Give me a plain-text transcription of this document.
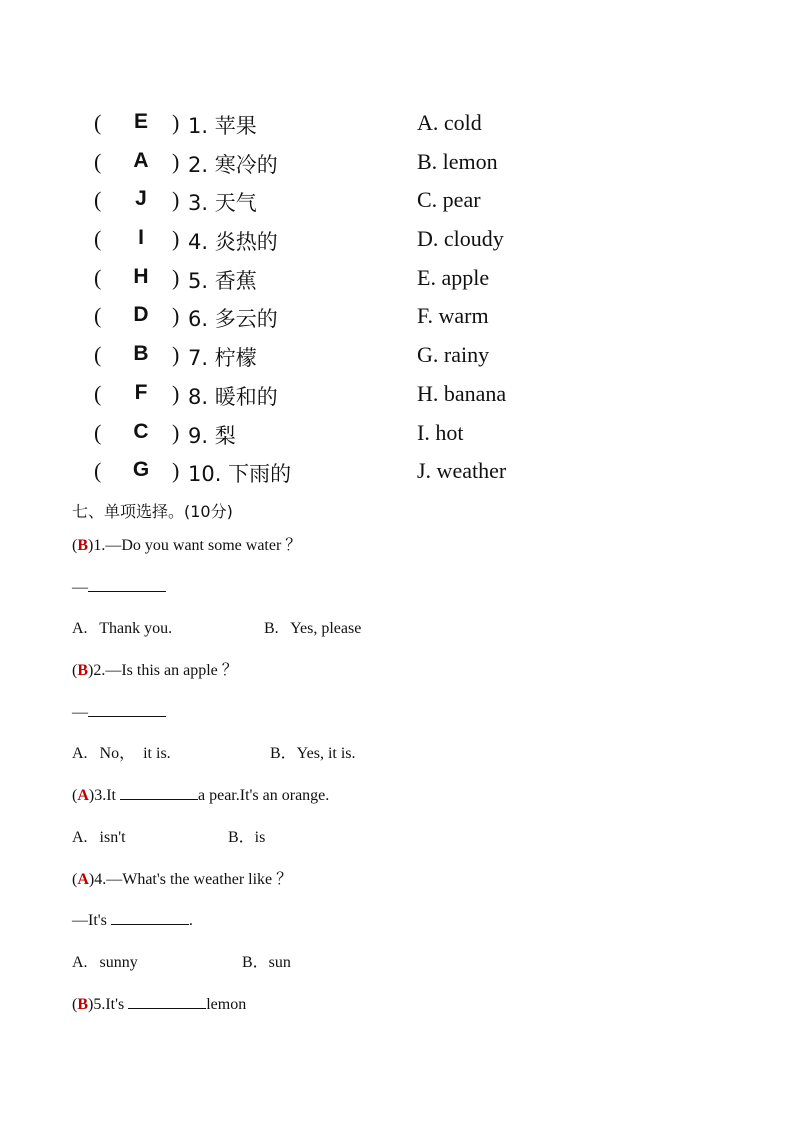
( E ) 1. 苹果	A. cold
( A ) 2. 寒冷的	B. lemon
(	J	) 3. 天气	C. pear
(	I	) 4. 炎热的	D. cloudy
( H ) 5. 香蕉	E. apple
( D ) 6. 多云的	F. warm
( B ) 7. 柠檬	G. rainy
(	F ) 8. 暖和的	H. banana
( C ) 9. 梨	I. hot
( G ) 10. 下雨的	J. weather
七、单项选择。(10分)
(B)1.—Do you want some water ？
—
A.   Thank you.	B.   Yes, please
(B)2.—Is this an apple ？
—
A.   No，  it is.	B．Yes, it is.
(A)3.It	a pear.It's an orange.
A.   isn't	B．is
(A)4.—What's the weather like ？
—It's	.
A.   sunny	B．sun
(B)5.It's	lemon
